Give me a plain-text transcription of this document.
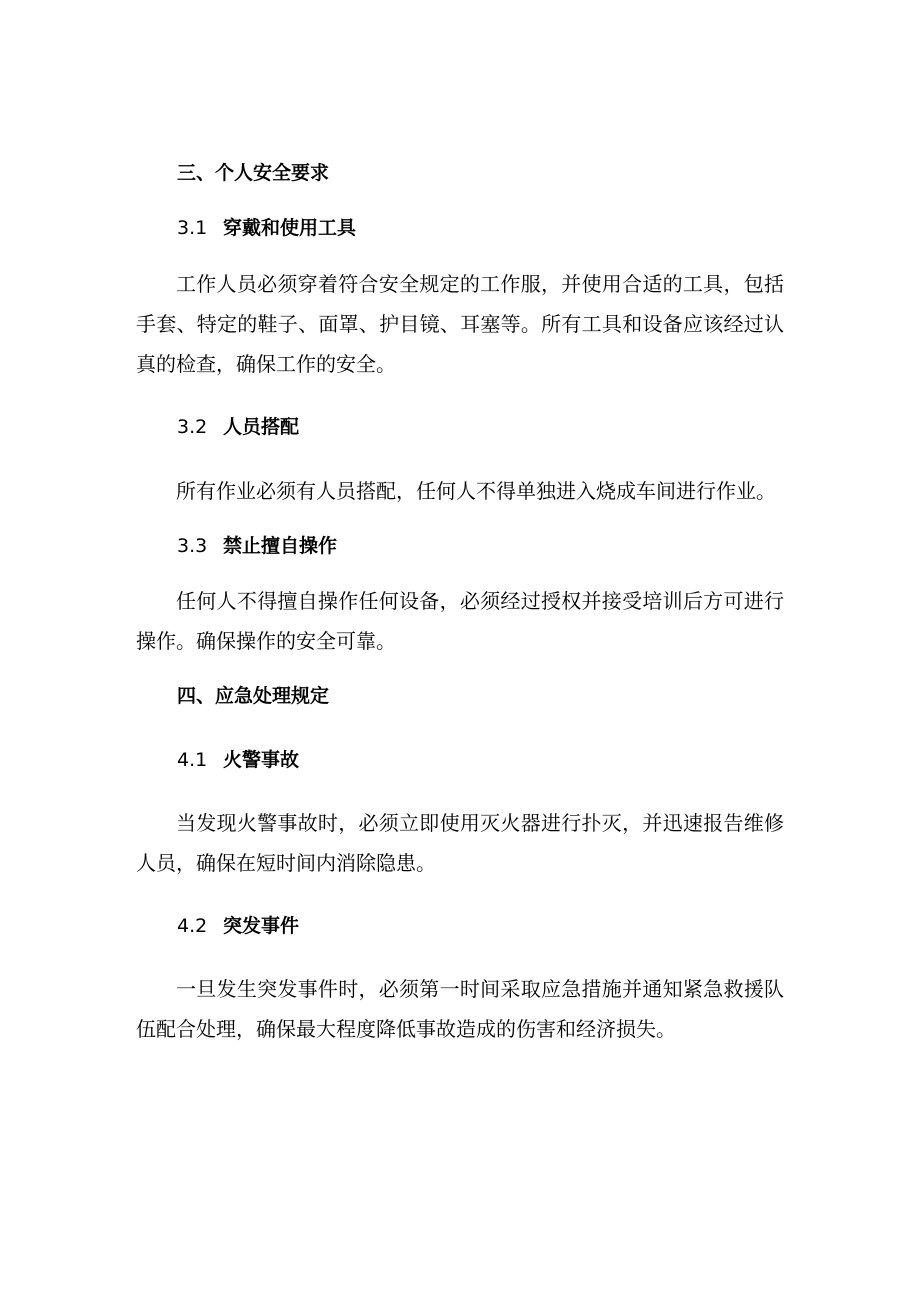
三、个人安全要求
3.1 穿戴和使用工具
工作人员必须穿着符合安全规定的工作服，并使用合适的工具，包括手套、特定的鞋子、面罩、护目镜、耳塞等。所有工具和设备应该经过认真的检查，确保工作的安全。
3.2 人员搭配
所有作业必须有人员搭配，任何人不得单独进入烧成车间进行作业。
3.3 禁止擅自操作
任何人不得擅自操作任何设备，必须经过授权并接受培训后方可进行操作。确保操作的安全可靠。
四、应急处理规定
4.1 火警事故
当发现火警事故时，必须立即使用灭火器进行扑灭，并迅速报告维修人员，确保在短时间内消除隐患。
4.2 突发事件
一旦发生突发事件时，必须第一时间采取应急措施并通知紧急救援队伍配合处理，确保最大程度降低事故造成的伤害和经济损失。
